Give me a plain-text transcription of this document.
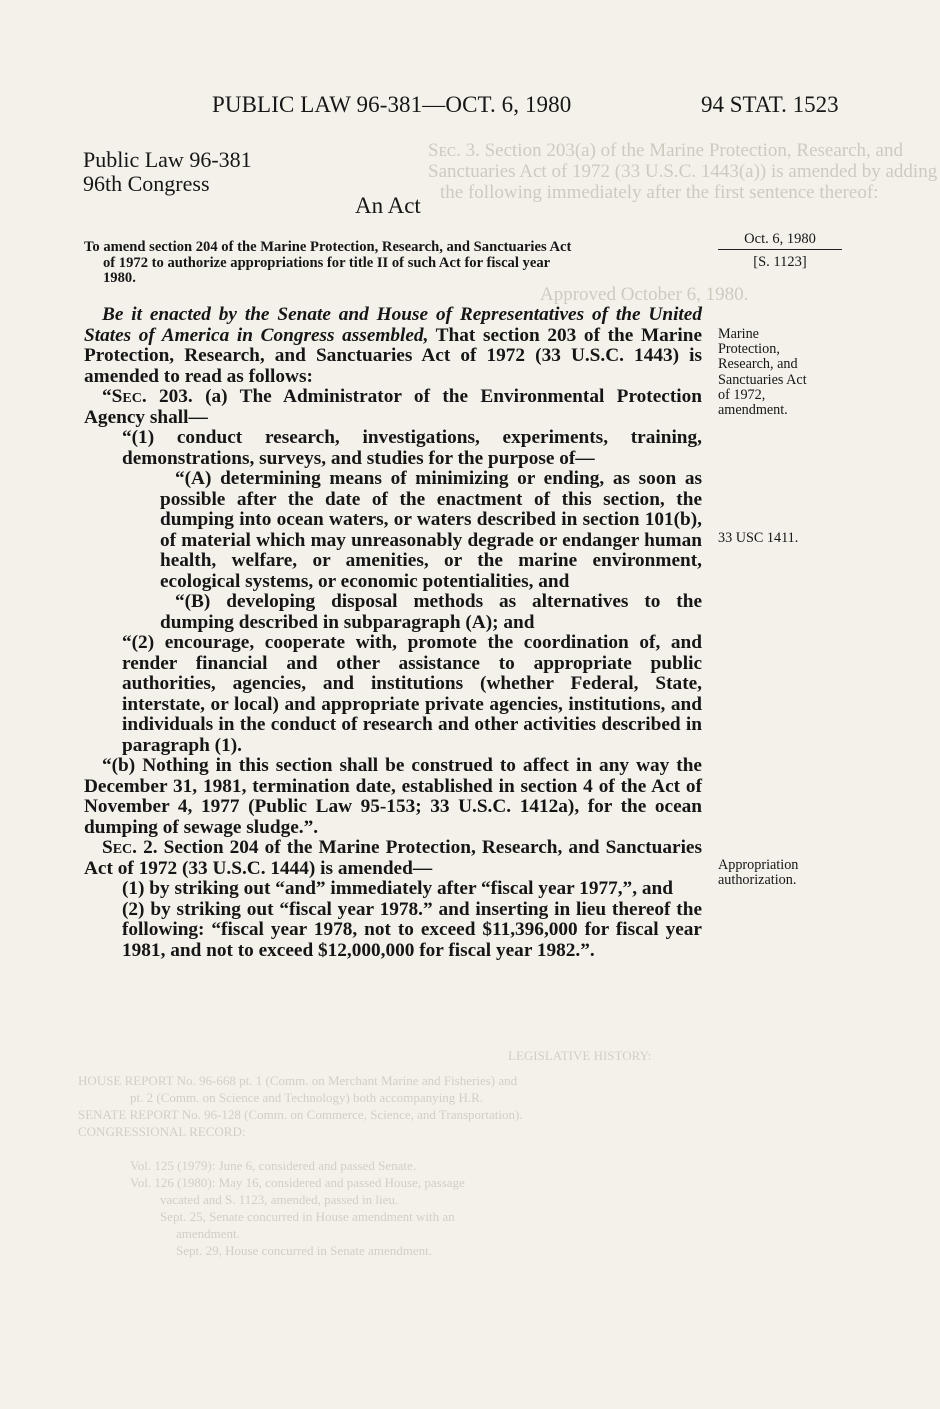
Sᴇᴄ. 3. Section 203(a) of the Marine Protection, Research, and
Sanctuaries Act of 1972 (33 U.S.C. 1443(a)) is amended by adding
the following immediately after the first sentence thereof:
Approved October 6, 1980.
LEGISLATIVE HISTORY:
HOUSE REPORT No. 96-668 pt. 1 (Comm. on Merchant Marine and Fisheries) and
pt. 2 (Comm. on Science and Technology) both accompanying H.R.
SENATE REPORT No. 96-128 (Comm. on Commerce, Science, and Transportation).
CONGRESSIONAL RECORD:
Vol. 125 (1979): June 6, considered and passed Senate.
Vol. 126 (1980): May 16, considered and passed House, passage
vacated and S. 1123, amended, passed in lieu.
Sept. 25, Senate concurred in House amendment with an
amendment.
Sept. 29, House concurred in Senate amendment.
PUBLIC LAW 96-381—OCT. 6, 1980	94 STAT. 1523
Public Law 96-381
96th Congress
An Act
To amend section 204 of the Marine Protection, Research, and Sanctuaries Act
of 1972 to authorize appropriations for title II of such Act for fiscal year
1980.
Oct. 6, 1980
[S. 1123]
Marine
Protection,
Research, and
Sanctuaries Act
of 1972,
amendment.
33 USC 1411.
Appropriation
authorization.

Be it enacted by the Senate and House of Representatives of the United States of America in Congress assembled, That section 203 of the Marine Protection, Research, and Sanctuaries Act of 1972 (33 U.S.C. 1443) is amended to read as follows:

“Sec. 203. (a) The Administrator of the Environmental Protection Agency shall—

“(1) conduct research, investigations, experiments, training, demonstrations, surveys, and studies for the purpose of—

“(A) determining means of minimizing or ending, as soon as possible after the date of the enactment of this section, the dumping into ocean waters, or waters described in section 101(b), of material which may unreasonably degrade or endanger human health, welfare, or amenities, or the marine environment, ecological systems, or economic potentialities, and

“(B) developing disposal methods as alternatives to the dumping described in subparagraph (A); and

“(2) encourage, cooperate with, promote the coordination of, and render financial and other assistance to appropriate public authorities, agencies, and institutions (whether Federal, State, interstate, or local) and appropriate private agencies, institutions, and individuals in the conduct of research and other activities described in paragraph (1).

“(b) Nothing in this section shall be construed to affect in any way the December 31, 1981, termination date, established in section 4 of the Act of November 4, 1977 (Public Law 95-153; 33 U.S.C. 1412a), for the ocean dumping of sewage sludge.”.

Sec. 2. Section 204 of the Marine Protection, Research, and Sanctuaries Act of 1972 (33 U.S.C. 1444) is amended—

(1) by striking out “and” immediately after “fiscal year 1977,”, and

(2) by striking out “fiscal year 1978.” and inserting in lieu thereof the following: “fiscal year 1978, not to exceed $11,396,000 for fiscal year 1981, and not to exceed $12,000,000 for fiscal year 1982.”.
